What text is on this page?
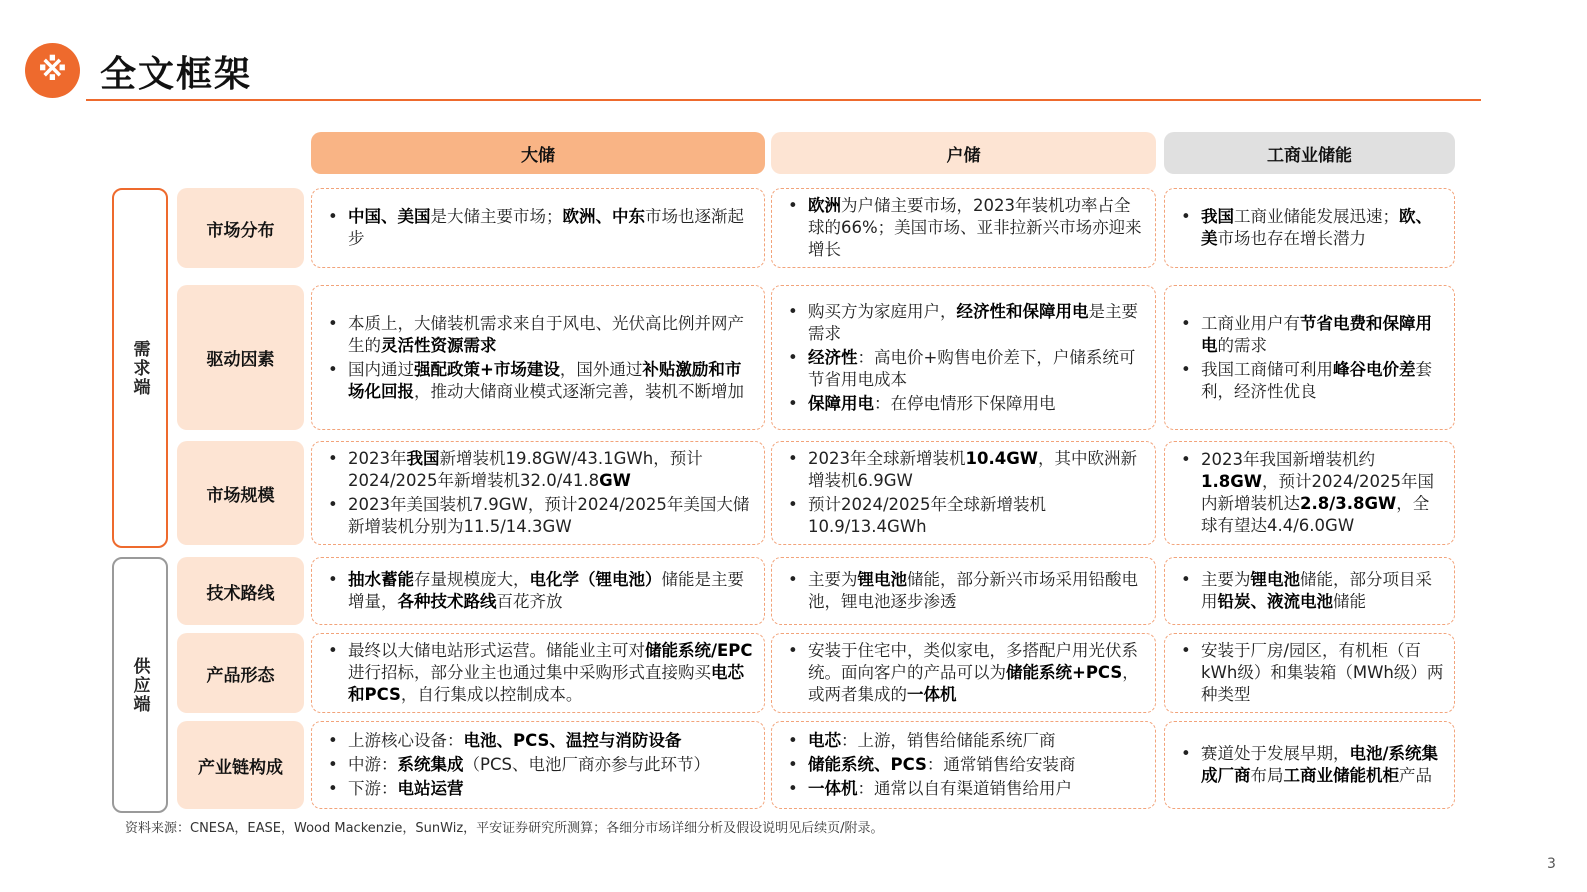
※ 全文框架
大储	户储	工商业储能
需求端
供应端
市场分布
驱动因素
市场规模
技术路线
产品形态
产业链构成
• 中国、美国是大储主要市场；欧洲、中东市场也逐渐起步
• 欧洲为户储主要市场，2023年装机功率占全球的66%；美国市场、亚非拉新兴市场亦迎来增长
• 我国工商业储能发展迅速；欧、美市场也存在增长潜力
• 本质上，大储装机需求来自于风电、光伏高比例并网产生的灵活性资源需求
• 国内通过强配政策+市场建设，国外通过补贴激励和市场化回报，推动大储商业模式逐渐完善，装机不断增加
• 购买方为家庭用户，经济性和保障用电是主要需求
• 经济性：高电价+购售电价差下，户储系统可节省用电成本
• 保障用电：在停电情形下保障用电
• 工商业用户有节省电费和保障用电的需求
• 我国工商储可利用峰谷电价差套利，经济性优良
• 2023年我国新增装机19.8GW/43.1GWh，预计2024/2025年新增装机32.0/41.8GW
• 2023年美国装机7.9GW，预计2024/2025年美国大储新增装机分别为11.5/14.3GW
• 2023年全球新增装机10.4GW，其中欧洲新增装机6.9GW
• 预计2024/2025年全球新增装机10.9/13.4GWh
• 2023年我国新增装机约1.8GW，预计2024/2025年国内新增装机达2.8/3.8GW，全球有望达4.4/6.0GW
• 抽水蓄能存量规模庞大，电化学（锂电池）储能是主要增量，各种技术路线百花齐放
• 主要为锂电池储能，部分新兴市场采用铅酸电池，锂电池逐步渗透
• 主要为锂电池储能，部分项目采用铅炭、液流电池储能
• 最终以大储电站形式运营。储能业主可对储能系统/EPC进行招标，部分业主也通过集中采购形式直接购买电芯和PCS，自行集成以控制成本。
• 安装于住宅中，类似家电，多搭配户用光伏系统。面向客户的产品可以为储能系统+PCS，或两者集成的一体机
• 安装于厂房/园区，有机柜（百kWh级）和集装箱（MWh级）两种类型
• 上游核心设备：电池、PCS、温控与消防设备
• 中游：系统集成（PCS、电池厂商亦参与此环节）
• 下游：电站运营
• 电芯：上游，销售给储能系统厂商
• 储能系统、PCS：通常销售给安装商
• 一体机：通常以自有渠道销售给用户
• 赛道处于发展早期，电池/系统集成厂商布局工商业储能机柜产品
资料来源：CNESA，EASE，Wood Mackenzie，SunWiz，平安证券研究所测算；各细分市场详细分析及假设说明见后续页/附录。
3
